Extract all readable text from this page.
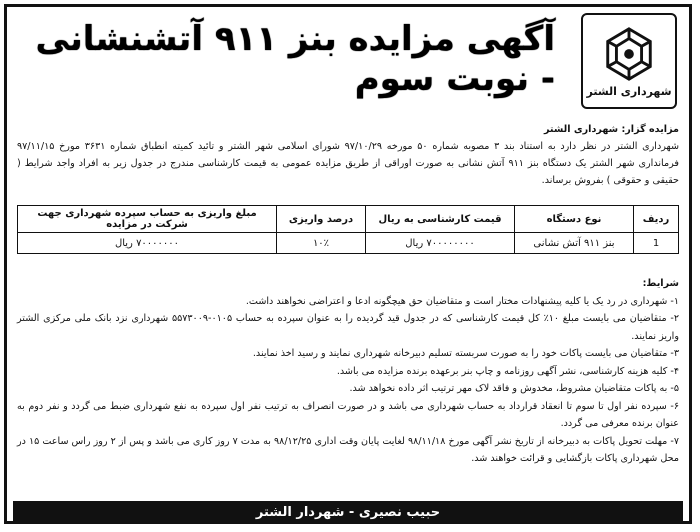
شهرداری الشتر
آگهی مزایده بنز ۹۱۱ آتشنشانی - نوبت سوم
مزایده گزار: شهرداری الشتر
شهرداری الشتر در نظر دارد به استناد بند ۳ مصوبه شماره ۵۰ مورخه ۹۷/۱۰/۲۹ شورای اسلامی شهر الشتر و تائید کمیته انطباق شماره ۳۶۳۱ مورخ ۹۷/۱۱/۱۵ فرمانداری شهر الشتر یک دستگاه بنز ۹۱۱ آتش نشانی به صورت اوراقی از طریق مزایده عمومی به قیمت کارشناسی مندرج در جدول زیر به افراد واجد شرایط ( حقیقی و حقوقی ) بفروش برساند.
ردیف	نوع دستگاه	قیمت کارشناسی به ریال	درصد واریزی	مبلغ واریزی به حساب سپرده شهرداری جهت شرکت در مزایده
1	بنز ۹۱۱ آتش نشانی	۷۰۰۰۰۰۰۰۰ ریال	۱۰٪	۷۰۰۰۰۰۰۰ ریال
شرایط:

۱- شهرداری در رد یک یا کلیه پیشنهادات مختار است و متقاضیان حق هیچگونه ادعا و اعتراضی نخواهند داشت.

۲- متقاضیان می بایست مبلغ ۱۰٪ کل قیمت کارشناسی که در جدول قید گردیده را به عنوان سپرده به حساب ۰۱۰۵-۵۵۷۳۰۰۹ شهرداری نزد بانک ملی مرکزی الشتر واریز نمایند.

۳- متقاضیان می بایست پاکات خود را به صورت سربسته تسلیم دبیرخانه شهرداری نمایند و رسید اخذ نمایند.

۴- کلیه هزینه کارشناسی، نشر آگهی روزنامه و چاپ بنر برعهده برنده مزایده می باشد.

۵- به پاکات متقاضیان مشروط، مخدوش و فاقد لاک مهر ترتیب اثر داده نخواهد شد.

۶- سپرده نفر اول تا سوم تا انعقاد قرارداد به حساب شهرداری می باشد و در صورت انصراف به ترتیب نفر اول سپرده به نفع شهرداری ضبط می گردد و نفر دوم به عنوان برنده معرفی می گردد.

۷- مهلت تحویل پاکات به دبیرخانه از تاریخ نشر آگهی مورخ ۹۸/۱۱/۱۸ لغایت پایان وقت اداری ۹۸/۱۲/۲۵ به مدت ۷ روز کاری می باشد و پس از ۲ روز راس ساعت ۱۵ در محل شهرداری پاکات بازگشایی و قرائت خواهند شد.

حبیب نصیری - شهردار الشتر
